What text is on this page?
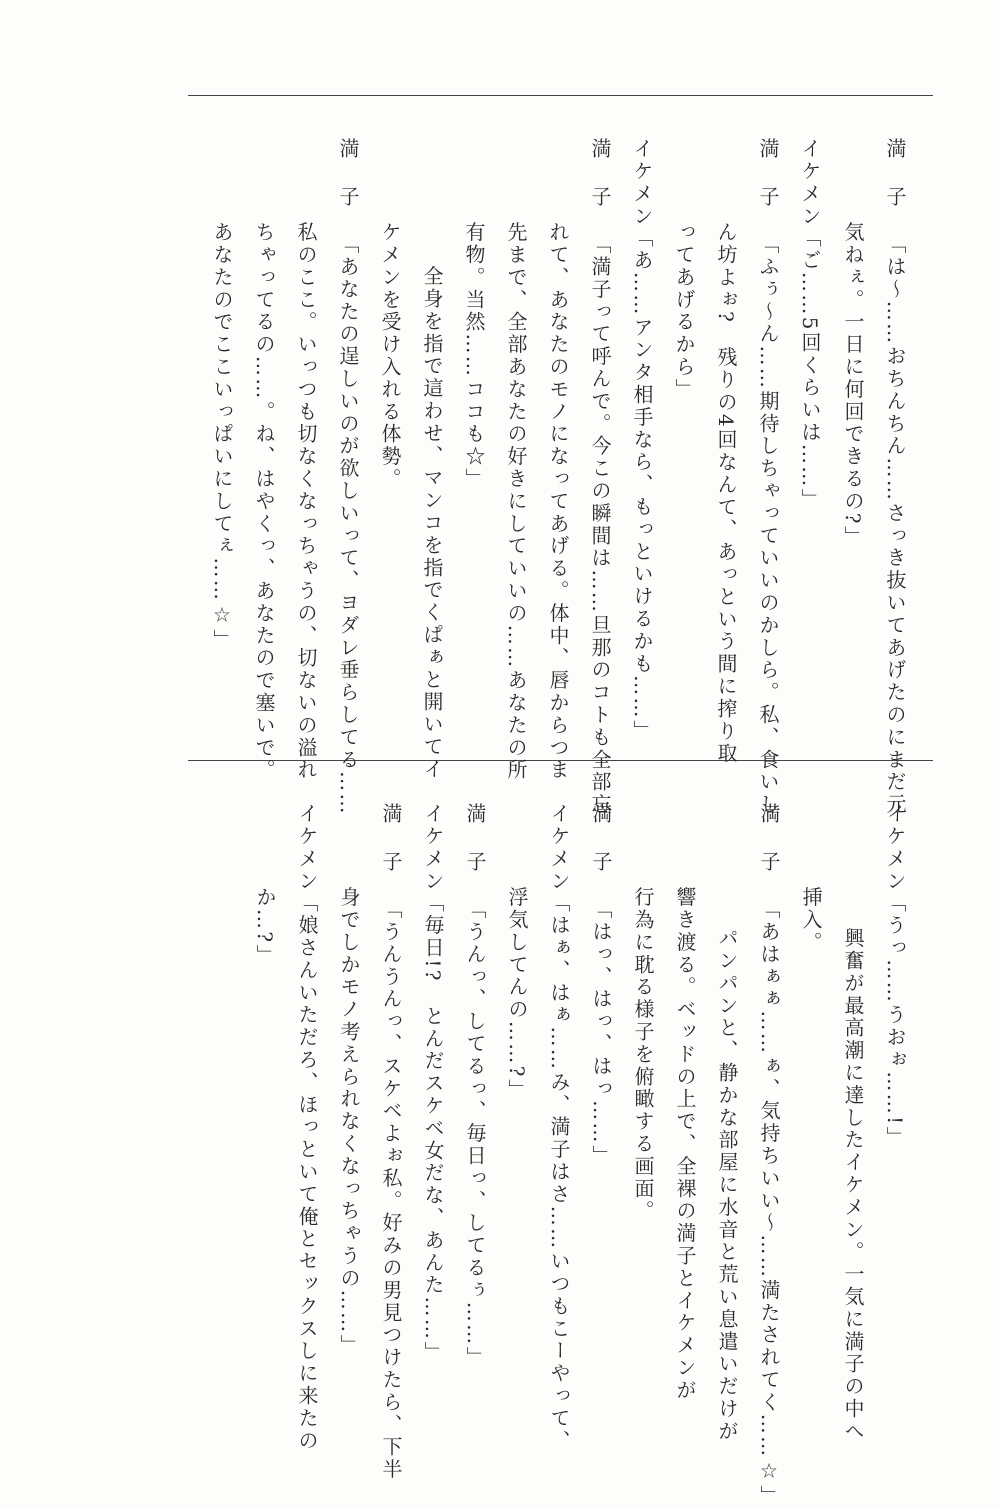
満子「は〜……おちんちん……さっき抜いてあげたのにまだ元

気ねぇ。一日に何回できるの?」

イケメン「ご……5回くらいは……」

満子「ふぅ〜ん……期待しちゃっていいのかしら。私、食いし

ん坊よぉ?　残りの4回なんて、あっという間に搾り取

ってあげるから」

イケメン「あ……アンタ相手なら、もっといけるかも……」

満子「満子って呼んで。今この瞬間は……旦那のコトも全部忘

れて、あなたのモノになってあげる。体中、唇からつま

先まで、全部あなたの好きにしていいの……あなたの所

有物。当然……ココも☆」

全身を指で這わせ、マンコを指でくぱぁと開いてイ

ケメンを受け入れる体勢。

満子「あなたの逞しいのが欲しいって、ヨダレ垂らしてる……

私のここ。いっつも切なくなっちゃうの、切ないの溢れ

ちゃってるの……。ね、はやくっ、あなたので塞いで。

あなたのでここいっぱいにしてぇ……☆」

イケメン「うっ……うおぉ……!」

興奮が最高潮に達したイケメン。一気に満子の中へ

挿入。

満子「あはぁぁ……ぁ、気持ちいい〜……満たされてく……☆」

パンパンと、静かな部屋に水音と荒い息遣いだけが

響き渡る。ベッドの上で、全裸の満子とイケメンが

行為に耽る様子を俯瞰する画面。

満子「はっ、はっ、はっ……」

イケメン「はぁ、はぁ……み、満子はさ……いつもこーやって、

浮気してんの……?」

満子「うんっ、してるっ、毎日っ、してるぅ……」

イケメン「毎日!?　とんだスケベ女だな、あんた……」

満子「うんうんっ、スケベよぉ私。好みの男見つけたら、下半

身でしかモノ考えられなくなっちゃうの……」

イケメン「娘さんいただろ、ほっといて俺とセックスしに来たの

か…?」
